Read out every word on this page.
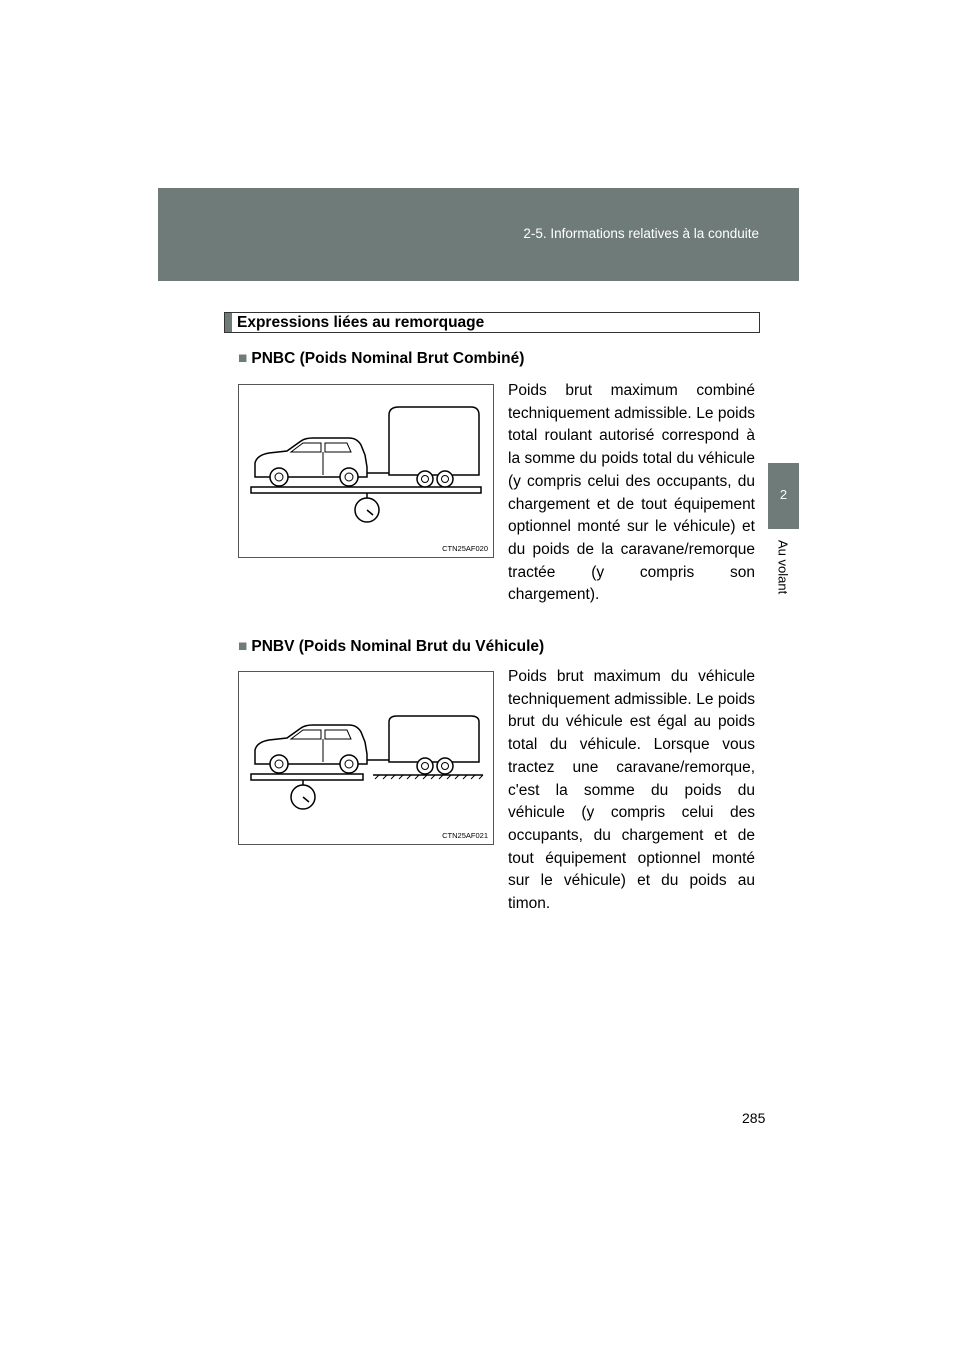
2-5. Informations relatives à la conduite
2
Au volant
Expressions liées au remorquage
■ PNBC (Poids Nominal Brut Combiné)
CTN25AF020

Poids brut maximum combiné techniquement admissible. Le poids total roulant autorisé correspond à la somme du poids total du véhicule (y compris celui des occupants, du chargement et de tout équipement optionnel monté sur le véhicule) et du poids de la caravane/remorque tractée (y compris son chargement).

■ PNBV (Poids Nominal Brut du Véhicule)
CTN25AF021

Poids brut maximum du véhicule techniquement admissible. Le poids brut du véhicule est égal au poids total du véhicule. Lorsque vous tractez une caravane/remorque, c'est la somme du poids du véhicule (y compris celui des occupants, du chargement et de tout équipement optionnel monté sur le véhicule) et du poids au timon.

285
